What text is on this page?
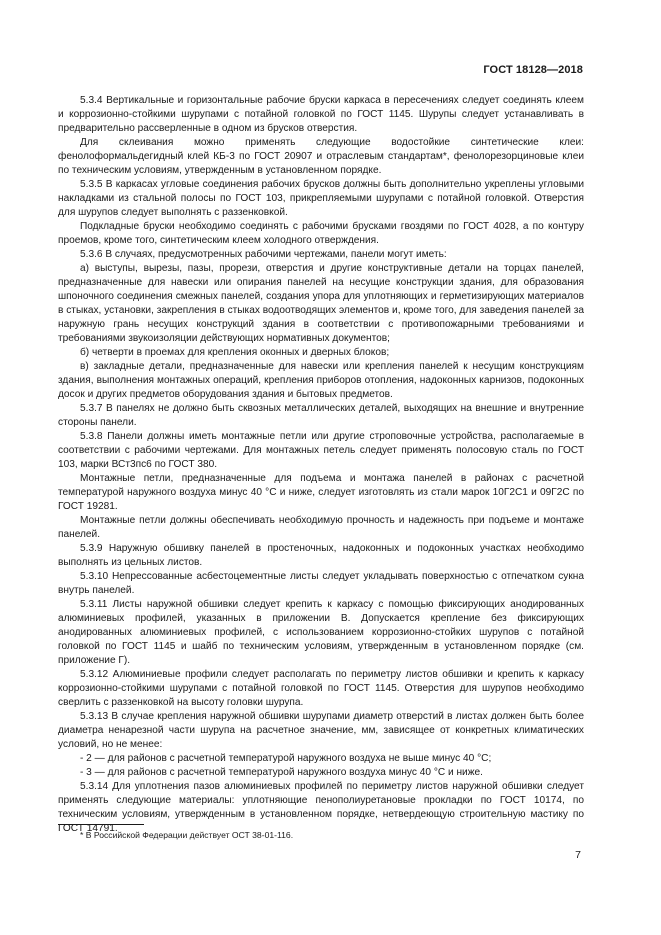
ГОСТ 18128—2018

5.3.4 Вертикальные и горизонтальные рабочие бруски каркаса в пересечениях следует соединять клеем и коррозионно-стойкими шурупами с потайной головкой по ГОСТ 1145. Шурупы следует устанавливать в предварительно рассверленные в одном из брусков отверстия.

Для склеивания можно применять следующие водостойкие синтетические клеи: фенолоформальдегидный клей КБ-3 по ГОСТ 20907 и отраслевым стандартам*, фенолорезорциновые клеи по техническим условиям, утвержденным в установленном порядке.

5.3.5 В каркасах угловые соединения рабочих брусков должны быть дополнительно укреплены угловыми накладками из стальной полосы по ГОСТ 103, прикрепляемыми шурупами с потайной головкой. Отверстия для шурупов следует выполнять с раззенковкой.

Подкладные бруски необходимо соединять с рабочими брусками гвоздями по ГОСТ 4028, а по контуру проемов, кроме того, синтетическим клеем холодного отверждения.

5.3.6 В случаях, предусмотренных рабочими чертежами, панели могут иметь:

а) выступы, вырезы, пазы, прорези, отверстия и другие конструктивные детали на торцах панелей, предназначенные для навески или опирания панелей на несущие конструкции здания, для образования шпоночного соединения смежных панелей, создания упора для уплотняющих и герметизирующих материалов в стыках, установки, закрепления в стыках водоотводящих элементов и, кроме того, для заведения панелей за наружную грань несущих конструкций здания в соответствии с противопожарными требованиями и требованиями звукоизоляции действующих нормативных документов;

б) четверти в проемах для крепления оконных и дверных блоков;

в) закладные детали, предназначенные для навески или крепления панелей к несущим конструкциям здания, выполнения монтажных операций, крепления приборов отопления, надоконных карнизов, подоконных досок и других предметов оборудования здания и бытовых предметов.

5.3.7 В панелях не должно быть сквозных металлических деталей, выходящих на внешние и внутренние стороны панели.

5.3.8 Панели должны иметь монтажные петли или другие строповочные устройства, располагаемые в соответствии с рабочими чертежами. Для монтажных петель следует применять полосовую сталь по ГОСТ 103, марки ВСт3пс6 по ГОСТ 380.

Монтажные петли, предназначенные для подъема и монтажа панелей в районах с расчетной температурой наружного воздуха минус 40 °С и ниже, следует изготовлять из стали марок 10Г2С1 и 09Г2С по ГОСТ 19281.

Монтажные петли должны обеспечивать необходимую прочность и надежность при подъеме и монтаже панелей.

5.3.9 Наружную обшивку панелей в простеночных, надоконных и подоконных участках необходимо выполнять из цельных листов.

5.3.10 Непрессованные асбестоцементные листы следует укладывать поверхностью с отпечатком сукна внутрь панелей.

5.3.11 Листы наружной обшивки следует крепить к каркасу с помощью фиксирующих анодированных алюминиевых профилей, указанных в приложении В. Допускается крепление без фиксирующих анодированных алюминиевых профилей, с использованием коррозионно-стойких шурупов с потайной головкой по ГОСТ 1145 и шайб по техническим условиям, утвержденным в установленном порядке (см. приложение Г).

5.3.12 Алюминиевые профили следует располагать по периметру листов обшивки и крепить к каркасу коррозионно-стойкими шурупами с потайной головкой по ГОСТ 1145. Отверстия для шурупов необходимо сверлить с раззенковкой на высоту головки шурупа.

5.3.13 В случае крепления наружной обшивки шурупами диаметр отверстий в листах должен быть более диаметра ненарезной части шурупа на расчетное значение, мм, зависящее от конкретных климатических условий, но не менее:

- 2 — для районов с расчетной температурой наружного воздуха не выше минус 40 °С;

- 3 — для районов с расчетной температурой наружного воздуха минус 40 °С и ниже.

5.3.14 Для уплотнения пазов алюминиевых профилей по периметру листов наружной обшивки следует применять следующие материалы: уплотняющие пенополиуретановые прокладки по ГОСТ 10174, по техническим условиям, утвержденным в установленном порядке, нетвердеющую строительную мастику по ГОСТ 14791.

* В Российской Федерации действует ОСТ 38-01-116.
7
